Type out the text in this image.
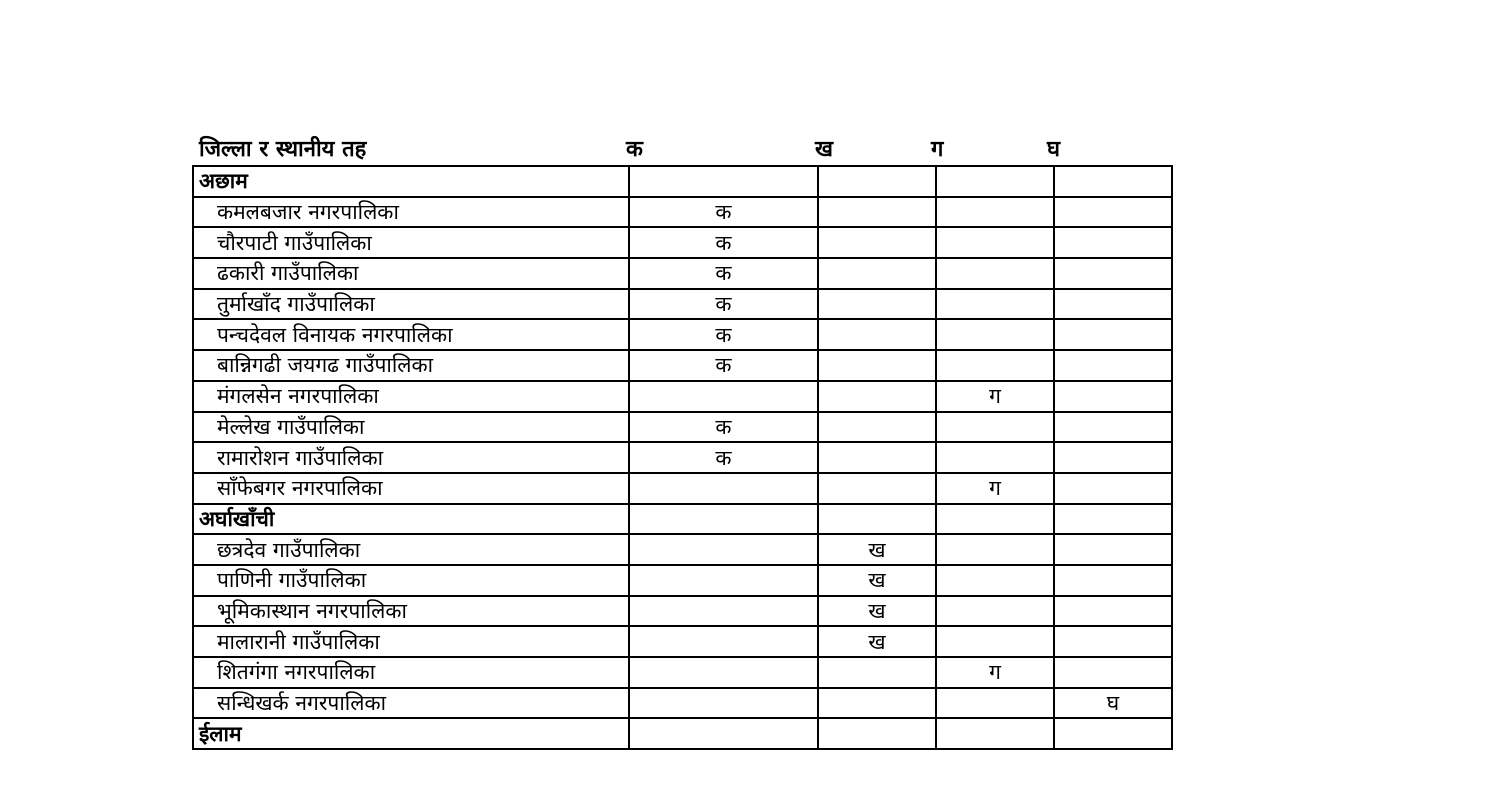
जिल्ला र स्थानीय तह	क	ख	ग	घ
अछाम				
कमलबजार नगरपालिका	क			
चौरपाटी गाउँपालिका	क			
ढकारी गाउँपालिका	क			
तुर्माखाँद गाउँपालिका	क			
पन्चदेवल विनायक नगरपालिका	क			
बान्निगढी जयगढ गाउँपालिका	क			
मंगलसेन नगरपालिका			ग	
मेल्लेख गाउँपालिका	क			
रामारोशन गाउँपालिका	क			
साँफेबगर नगरपालिका			ग	
अर्घाखाँची				
छत्रदेव गाउँपालिका		ख		
पाणिनी गाउँपालिका		ख		
भूमिकास्थान नगरपालिका		ख		
मालारानी गाउँपालिका		ख		
शितगंगा नगरपालिका			ग	
सन्धिखर्क नगरपालिका				घ
ईलाम				
